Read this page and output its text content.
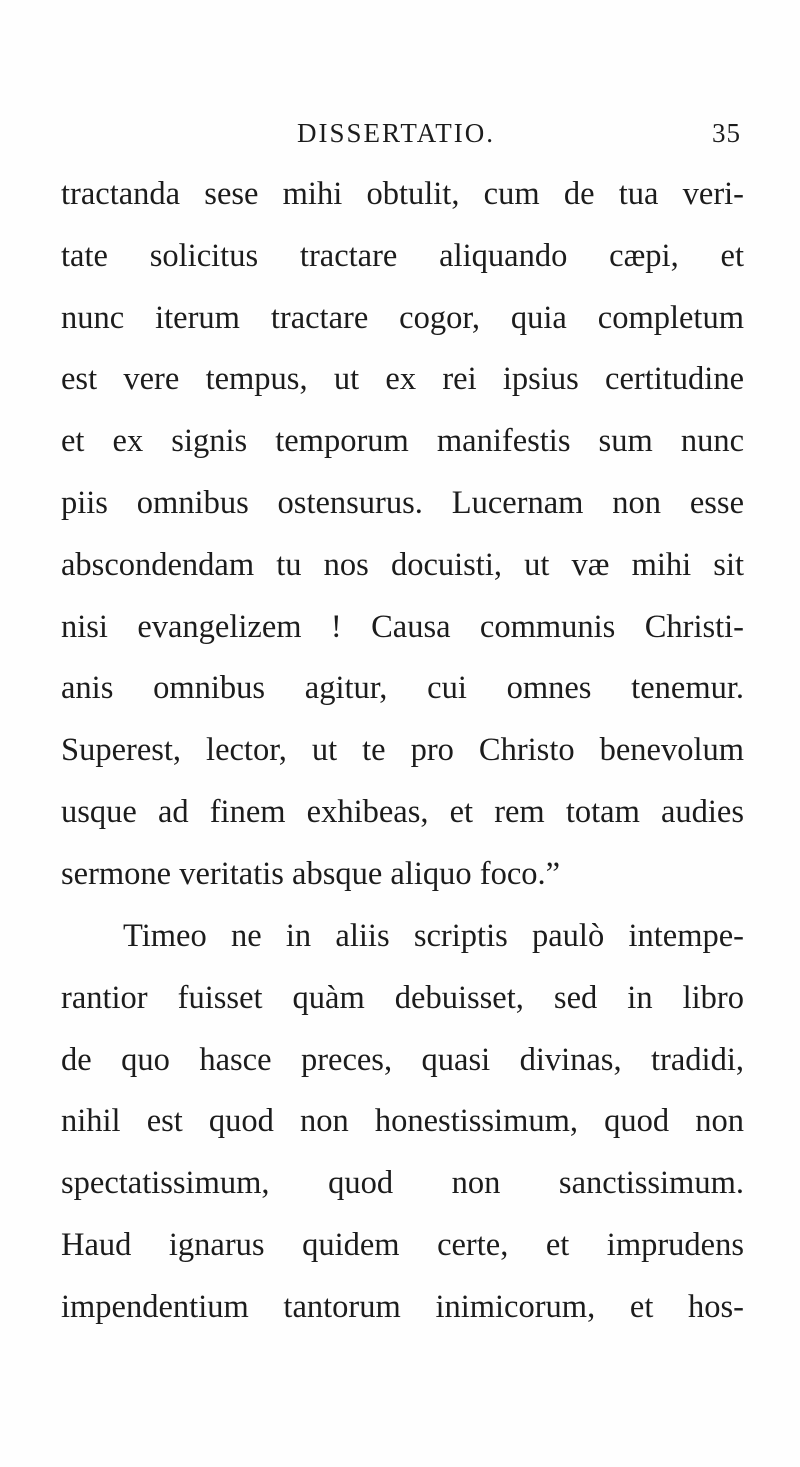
DISSERTATIO.	35
tractanda sese mihi obtulit, cum de tua veri-
tate solicitus tractare aliquando cæpi, et
nunc iterum tractare cogor, quia completum
est vere tempus, ut ex rei ipsius certitudine
et ex signis temporum manifestis sum nunc
piis omnibus ostensurus. Lucernam non esse
abscondendam tu nos docuisti, ut væ mihi sit
nisi evangelizem ! Causa communis Christi-
anis omnibus agitur, cui omnes tenemur.
Superest, lector, ut te pro Christo benevolum
usque ad finem exhibeas, et rem totam audies
sermone veritatis absque aliquo foco.”
Timeo ne in aliis scriptis paulò intempe-
rantior fuisset quàm debuisset, sed in libro
de quo hasce preces, quasi divinas, tradidi,
nihil est quod non honestissimum, quod non
spectatissimum, quod non sanctissimum.
Haud ignarus quidem certe, et imprudens
impendentium tantorum inimicorum, et hos-
